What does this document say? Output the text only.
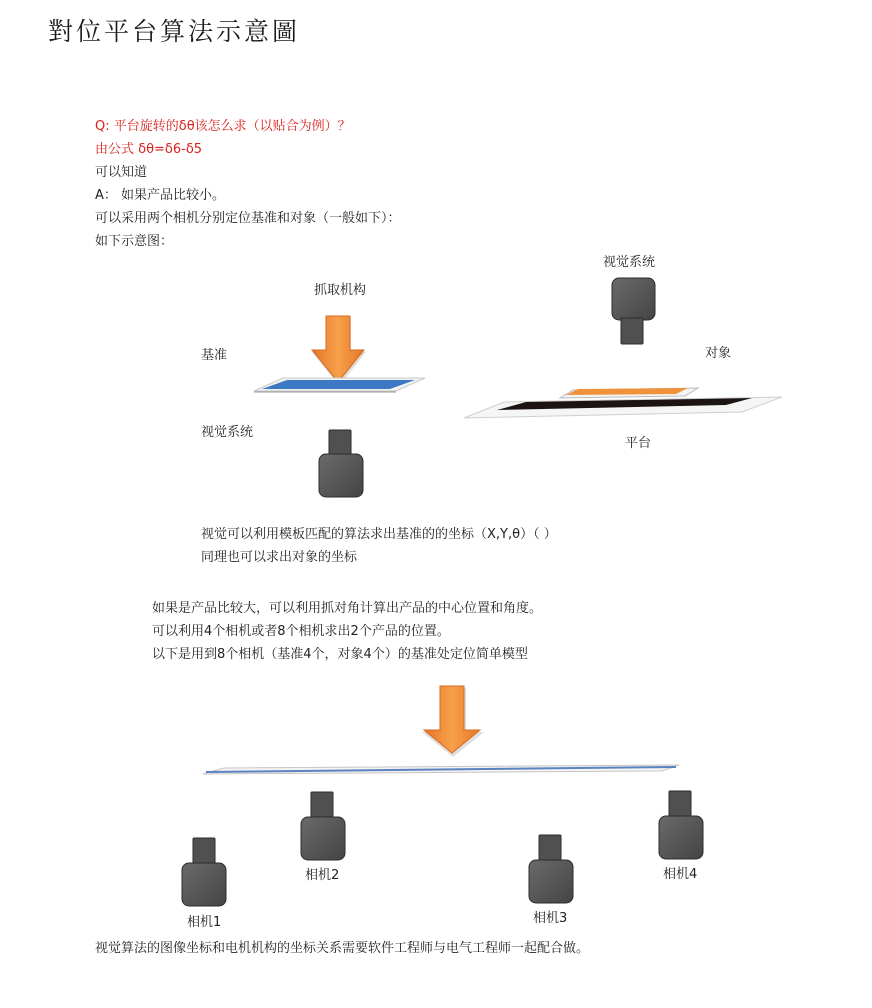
對位平台算法示意圖
Q: 平台旋转的δθ该怎么求（以贴合为例）？
由公式 δθ=δ6-δ5
可以知道
A： 如果产品比较小。
可以采用两个相机分别定位基准和对象（一般如下）：
如下示意图：
抓取机构
基准
视觉系统
视觉系统
对象
平台
视觉可以利用模板匹配的算法求出基准的的坐标（X,Y,θ）（ ）
同理也可以求出对象的坐标
如果是产品比较大，可以利用抓对角计算出产品的中心位置和角度。
可以利用4个相机或者8个相机求出2个产品的位置。
以下是用到8个相机（基准4个，对象4个）的基准处定位简单模型
相机1
相机2
相机3
相机4
视觉算法的图像坐标和电机机构的坐标关系需要软件工程师与电气工程师一起配合做。
